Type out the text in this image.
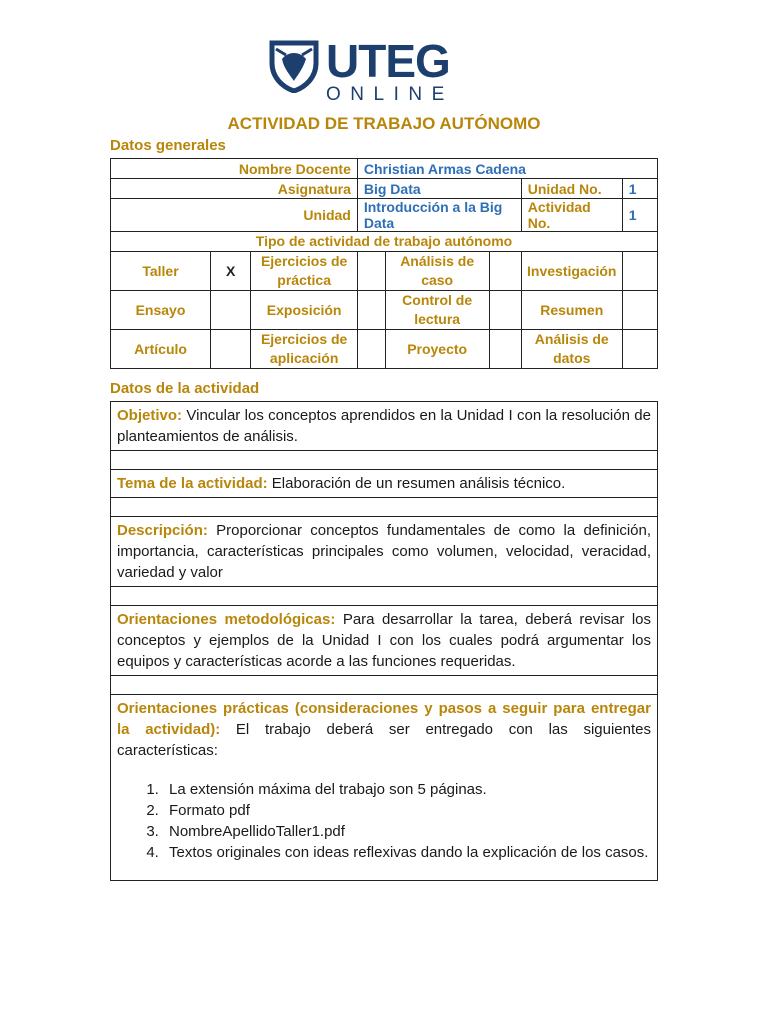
UTEG
ONLINE
ACTIVIDAD DE TRABAJO AUTÓNOMO
Datos generales
Nombre Docente			Christian Armas Cadena				
Asignatura			Big Data			Unidad No.	1
Unidad			Introducción a la Big Data			Actividad No.	1
Tipo de actividad de trabajo autónomo							
Taller	X	Ejercicios de práctica		Análisis de caso		Investigación	
Ensayo		Exposición		Control de lectura		Resumen	
Artículo		Ejercicios de aplicación		Proyecto		Análisis de datos	
Datos de la actividad
Objetivo: Vincular los conceptos aprendidos en la Unidad I con la resolución de planteamientos de análisis.
Tema de la actividad: Elaboración de un resumen análisis técnico.
Descripción: Proporcionar conceptos fundamentales de como la definición, importancia, características principales como volumen, velocidad, veracidad, variedad y valor
Orientaciones metodológicas: Para desarrollar la tarea, deberá revisar los conceptos y ejemplos de la Unidad I con los cuales podrá argumentar los equipos y características acorde a las funciones requeridas.
Orientaciones prácticas (consideraciones y pasos a seguir para entregar la actividad): El trabajo deberá ser entregado con las siguientes características:
1. La extensión máxima del trabajo son 5 páginas.
2. Formato pdf
3. NombreApellidoTaller1.pdf
4. Textos originales con ideas reflexivas dando la explicación de los casos.
